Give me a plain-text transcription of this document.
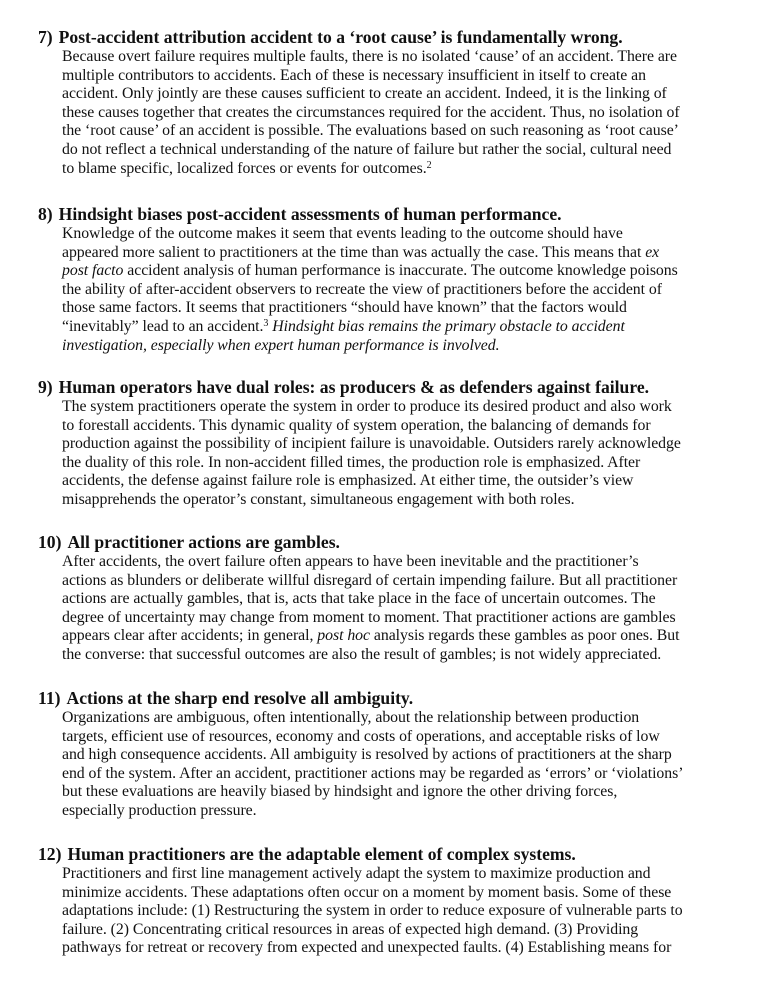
7) Post-accident attribution accident to a ‘root cause’ is fundamentally wrong.
Because overt failure requires multiple faults, there is no isolated ‘cause’ of an accident. There are
multiple contributors to accidents. Each of these is necessary insufficient in itself to create an
accident. Only jointly are these causes sufficient to create an accident. Indeed, it is the linking of
these causes together that creates the circumstances required for the accident. Thus, no isolation of
the ‘root cause’ of an accident is possible. The evaluations based on such reasoning as ‘root cause’
do not reflect a technical understanding of the nature of failure but rather the social, cultural need
to blame specific, localized forces or events for outcomes.$^2$
8) Hindsight biases post-accident assessments of human performance.
Knowledge of the outcome makes it seem that events leading to the outcome should have
appeared more salient to practitioners at the time than was actually the case. This means that ex
post facto accident analysis of human performance is inaccurate. The outcome knowledge poisons
the ability of after-accident observers to recreate the view of practitioners before the accident of
those same factors. It seems that practitioners “should have known” that the factors would
“inevitably” lead to an accident.$^3$ Hindsight bias remains the primary obstacle to accident
investigation, especially when expert human performance is involved.
9) Human operators have dual roles: as producers & as defenders against failure.
The system practitioners operate the system in order to produce its desired product and also work
to forestall accidents. This dynamic quality of system operation, the balancing of demands for
production against the possibility of incipient failure is unavoidable. Outsiders rarely acknowledge
the duality of this role. In non-accident filled times, the production role is emphasized. After
accidents, the defense against failure role is emphasized. At either time, the outsider’s view
misapprehends the operator’s constant, simultaneous engagement with both roles.
10) All practitioner actions are gambles.
After accidents, the overt failure often appears to have been inevitable and the practitioner’s
actions as blunders or deliberate willful disregard of certain impending failure. But all practitioner
actions are actually gambles, that is, acts that take place in the face of uncertain outcomes. The
degree of uncertainty may change from moment to moment. That practitioner actions are gambles
appears clear after accidents; in general, post hoc analysis regards these gambles as poor ones. But
the converse: that successful outcomes are also the result of gambles; is not widely appreciated.
11) Actions at the sharp end resolve all ambiguity.
Organizations are ambiguous, often intentionally, about the relationship between production
targets, efficient use of resources, economy and costs of operations, and acceptable risks of low
and high consequence accidents. All ambiguity is resolved by actions of practitioners at the sharp
end of the system. After an accident, practitioner actions may be regarded as ‘errors’ or ‘violations’
but these evaluations are heavily biased by hindsight and ignore the other driving forces,
especially production pressure.
12) Human practitioners are the adaptable element of complex systems.
Practitioners and first line management actively adapt the system to maximize production and
minimize accidents. These adaptations often occur on a moment by moment basis. Some of these
adaptations include: (1) Restructuring the system in order to reduce exposure of vulnerable parts to
failure. (2) Concentrating critical resources in areas of expected high demand. (3) Providing
pathways for retreat or recovery from expected and unexpected faults. (4) Establishing means for
